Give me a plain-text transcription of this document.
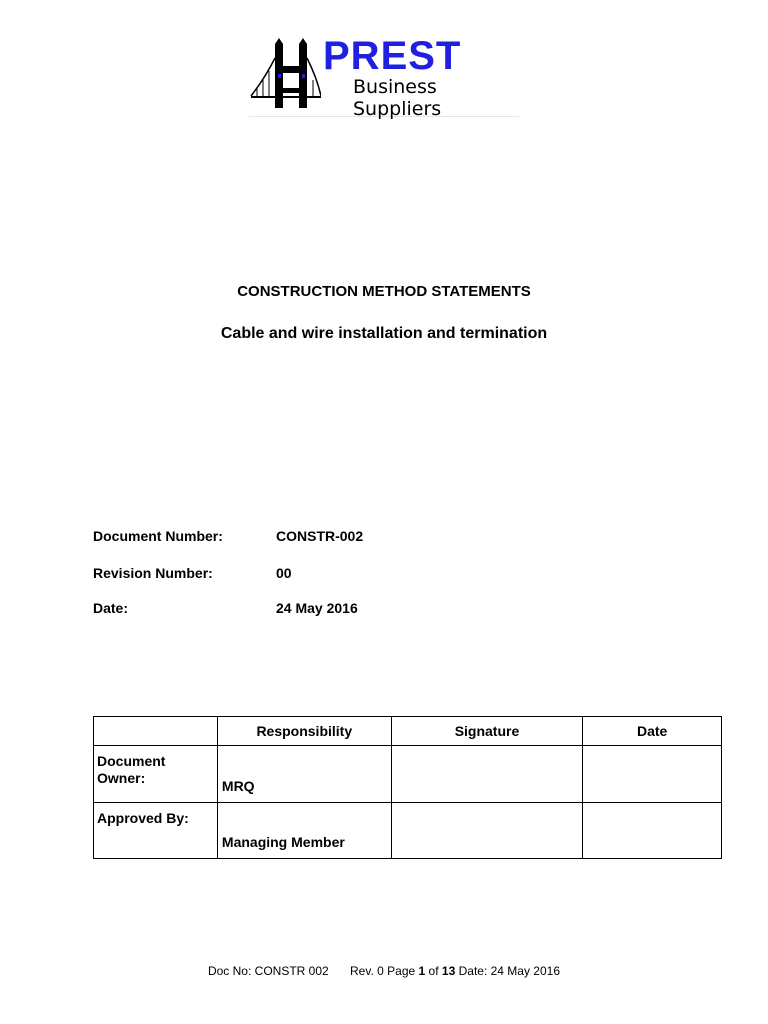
PREST
Business Suppliers
CONSTRUCTION METHOD STATEMENTS
Cable and wire installation and termination
Document Number:	CONSTR-002
Revision Number:	00
Date:	24 May 2016
	Responsibility	Signature	Date
Document Owner:	MRQ		
Approved By:	Managing Member		
Doc No: CONSTR 002 Rev. 0 Page 1 of 13 Date: 24 May 2016
